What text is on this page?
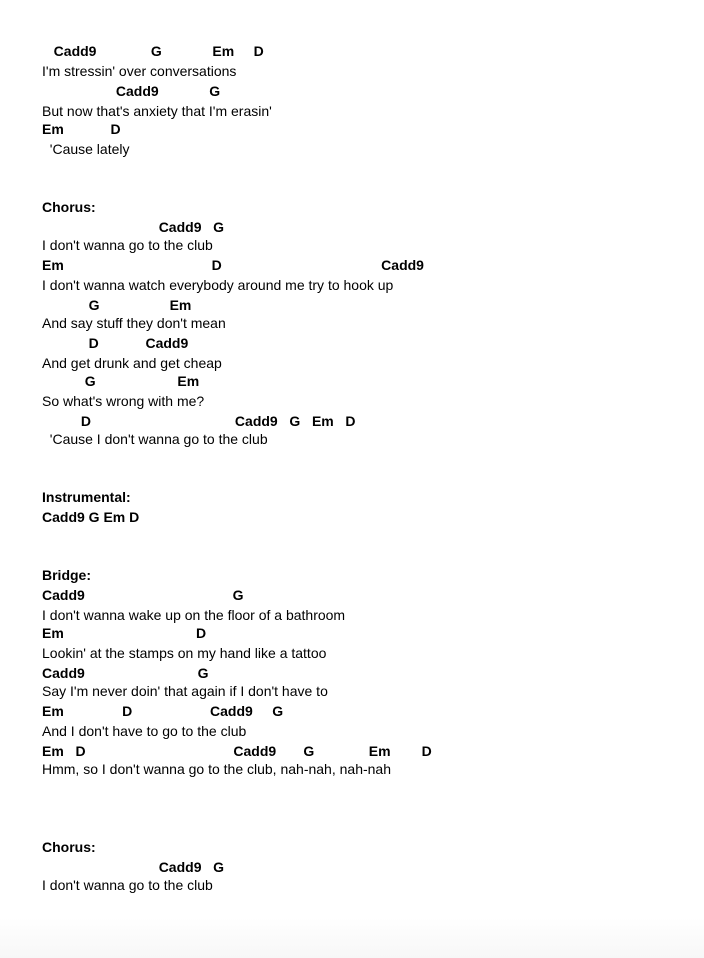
Cadd9              G             Em     D
I'm stressin' over conversations
Cadd9             G
But now that's anxiety that I'm erasin'
Em            D
'Cause lately
Chorus:
Cadd9   G
I don't wanna go to the club
Em                                      D                                         Cadd9
I don't wanna watch everybody around me try to hook up
G                  Em
And say stuff they don't mean
D            Cadd9
And get drunk and get cheap
G                     Em
So what's wrong with me?
D                                     Cadd9   G   Em   D
'Cause I don't wanna go to the club
Instrumental:
Cadd9 G Em D
Bridge:
Cadd9                                      G
I don't wanna wake up on the floor of a bathroom
Em                                  D
Lookin' at the stamps on my hand like a tattoo
Cadd9                             G
Say I'm never doin' that again if I don't have to
Em               D                    Cadd9     G
And I don't have to go to the club
Em   D                                      Cadd9       G              Em        D
Hmm, so I don't wanna go to the club, nah-nah, nah-nah
Chorus:
Cadd9   G
I don't wanna go to the club
